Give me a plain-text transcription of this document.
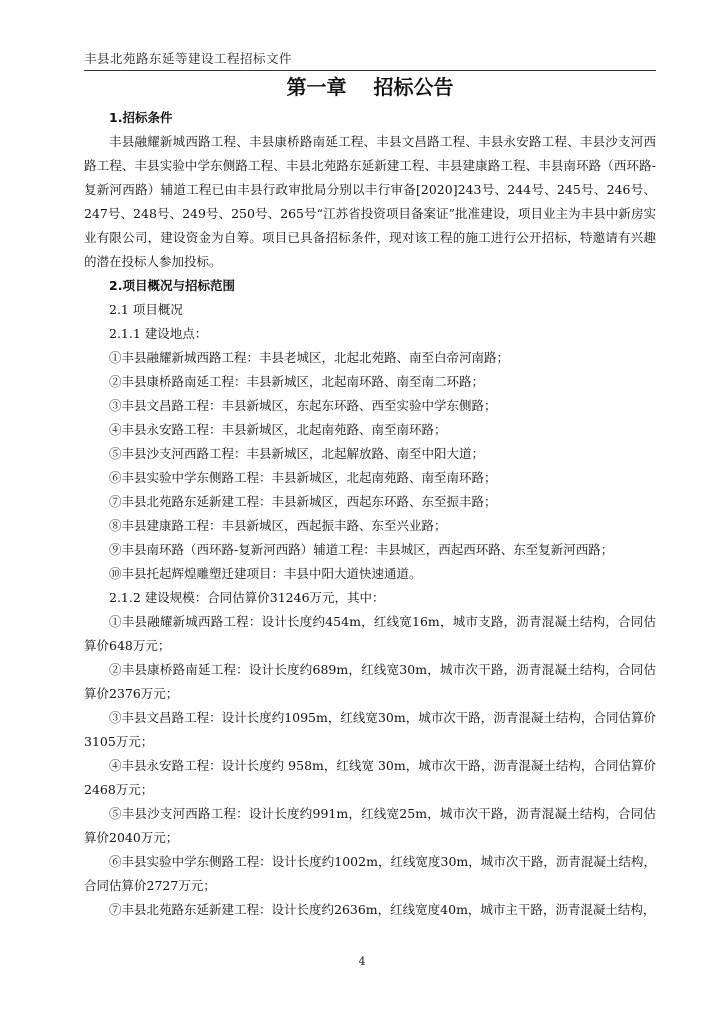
丰县北苑路东延等建设工程招标文件
第一章 招标公告

1.招标条件

丰县融耀新城西路工程、丰县康桥路南延工程、丰县文昌路工程、丰县永安路工程、丰县沙支河西路工程、丰县实验中学东侧路工程、丰县北苑路东延新建工程、丰县建康路工程、丰县南环路（西环路-复新河西路）辅道工程已由丰县行政审批局分别以丰行审备[2020]243号、244号、245号、246号、247号、248号、249号、250号、265号“江苏省投资项目备案证”批准建设，项目业主为丰县中新房实业有限公司，建设资金为自筹。项目已具备招标条件，现对该工程的施工进行公开招标，特邀请有兴趣的潜在投标人参加投标。

2.项目概况与招标范围

2.1 项目概况

2.1.1 建设地点：

①丰县融耀新城西路工程：丰县老城区，北起北苑路、南至白帝河南路；

②丰县康桥路南延工程：丰县新城区，北起南环路、南至南二环路；

③丰县文昌路工程：丰县新城区，东起东环路、西至实验中学东侧路；

④丰县永安路工程：丰县新城区，北起南苑路、南至南环路；

⑤丰县沙支河西路工程：丰县新城区，北起解放路、南至中阳大道；

⑥丰县实验中学东侧路工程：丰县新城区，北起南苑路、南至南环路；

⑦丰县北苑路东延新建工程：丰县新城区，西起东环路、东至振丰路；

⑧丰县建康路工程：丰县新城区，西起振丰路、东至兴业路；

⑨丰县南环路（西环路-复新河西路）辅道工程：丰县城区，西起西环路、东至复新河西路；

⑩丰县托起辉煌雕塑迁建项目：丰县中阳大道快速通道。

2.1.2 建设规模：合同估算价31246万元，其中：

①丰县融耀新城西路工程：设计长度约454m，红线宽16m，城市支路，沥青混凝土结构，合同估算价648万元；

②丰县康桥路南延工程：设计长度约689m，红线宽30m，城市次干路，沥青混凝土结构，合同估算价2376万元；

③丰县文昌路工程：设计长度约1095m，红线宽30m，城市次干路，沥青混凝土结构，合同估算价3105万元；

④丰县永安路工程：设计长度约 958m，红线宽 30m，城市次干路，沥青混凝土结构，合同估算价2468万元；

⑤丰县沙支河西路工程：设计长度约991m，红线宽25m，城市次干路，沥青混凝土结构，合同估算价2040万元；

⑥丰县实验中学东侧路工程：设计长度约1002m，红线宽度30m，城市次干路，沥青混凝土结构，合同估算价2727万元；

⑦丰县北苑路东延新建工程：设计长度约2636m，红线宽度40m，城市主干路，沥青混凝土结构，

4
